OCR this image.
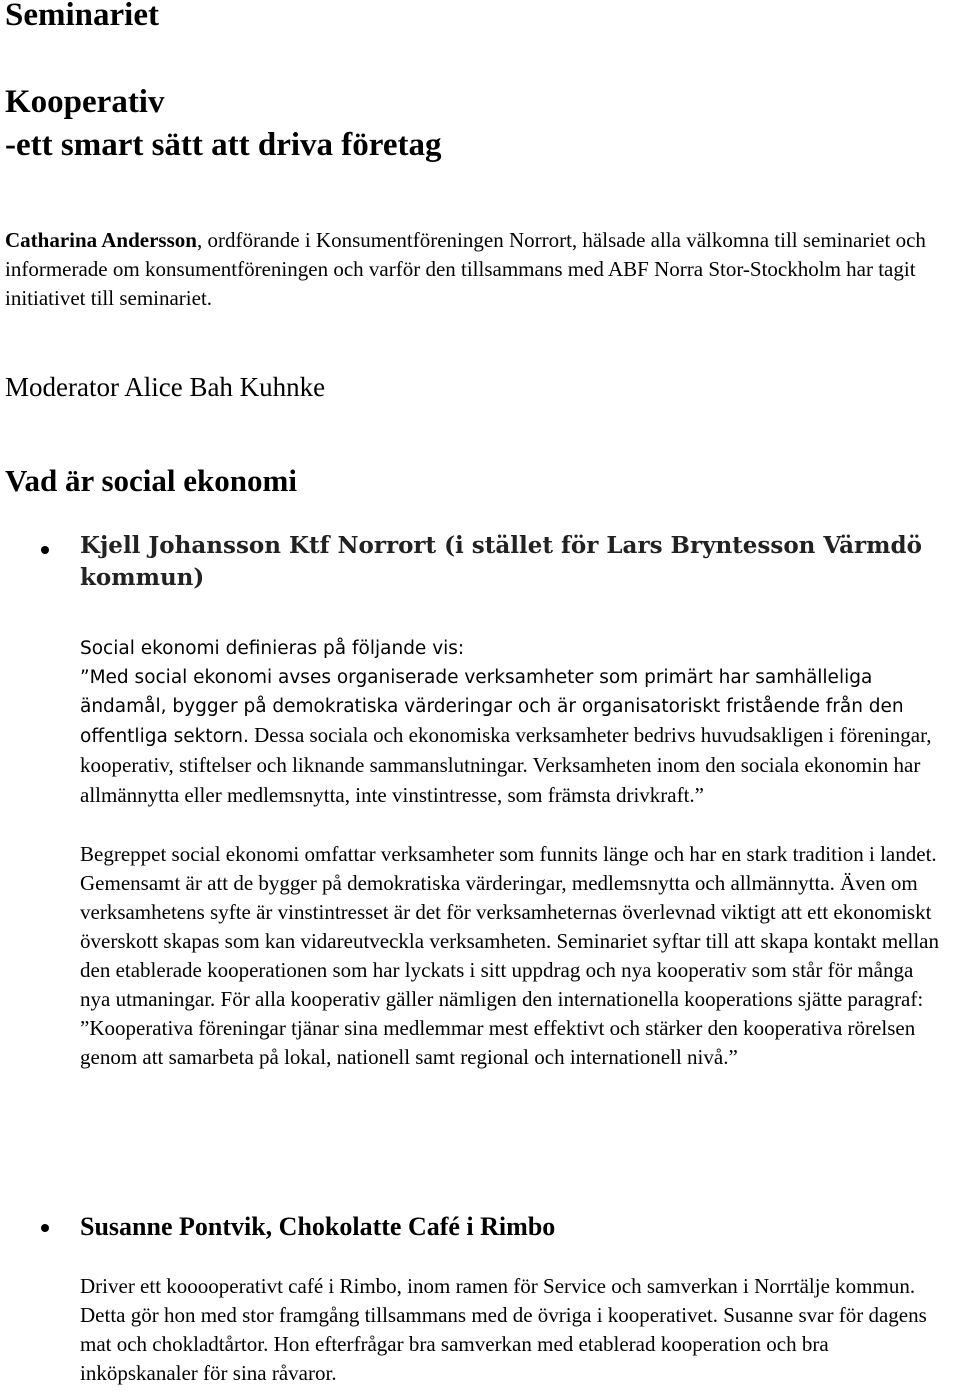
Seminariet
Kooperativ
-ett smart sätt att driva företag

Catharina Andersson, ordförande i Konsumentföreningen Norrort, hälsade alla välkomna till seminariet och informerade om konsumentföreningen och varför den tillsammans med ABF Norra Stor-Stockholm har tagit initiativet till seminariet.

Moderator Alice Bah Kuhnke

Vad är social ekonomi

Kjell Johansson Ktf Norrort (i stället för Lars Bryntesson Värmdö kommun)

Social ekonomi definieras på följande vis:

”Med social ekonomi avses organiserade verksamheter som primärt har samhälleliga ändamål, bygger på demokratiska värderingar och är organisatoriskt fristående från den offentliga sektorn. Dessa sociala och ekonomiska verksamheter bedrivs huvudsakligen i föreningar, kooperativ, stiftelser och liknande sammanslutningar. Verksamheten inom den sociala ekonomin har allmännytta eller medlemsnytta, inte vinstintresse, som främsta drivkraft.”

Begreppet social ekonomi omfattar verksamheter som funnits länge och har en stark tradition i landet. Gemensamt är att de bygger på demokratiska värderingar, medlemsnytta och allmännytta. Även om verksamhetens syfte är vinstintresset är det för verksamheternas överlevnad viktigt att ett ekonomiskt överskott skapas som kan vidareutveckla verksamheten. Seminariet syftar till att skapa kontakt mellan den etablerade kooperationen som har lyckats i sitt uppdrag och nya kooperativ som står för många nya utmaningar. För alla kooperativ gäller nämligen den internationella kooperations sjätte paragraf:

”Kooperativa föreningar tjänar sina medlemmar mest effektivt och stärker den kooperativa rörelsen genom att samarbeta på lokal, nationell samt regional och internationell nivå.”

Susanne Pontvik, Chokolatte Café i Rimbo

Driver ett kooooperativt café i Rimbo, inom ramen för Service och samverkan i Norrtälje kommun. Detta gör hon med stor framgång tillsammans med de övriga i kooperativet. Susanne svar för dagens mat och chokladtårtor. Hon efterfrågar bra samverkan med etablerad kooperation och bra inköpskanaler för sina råvaror.
